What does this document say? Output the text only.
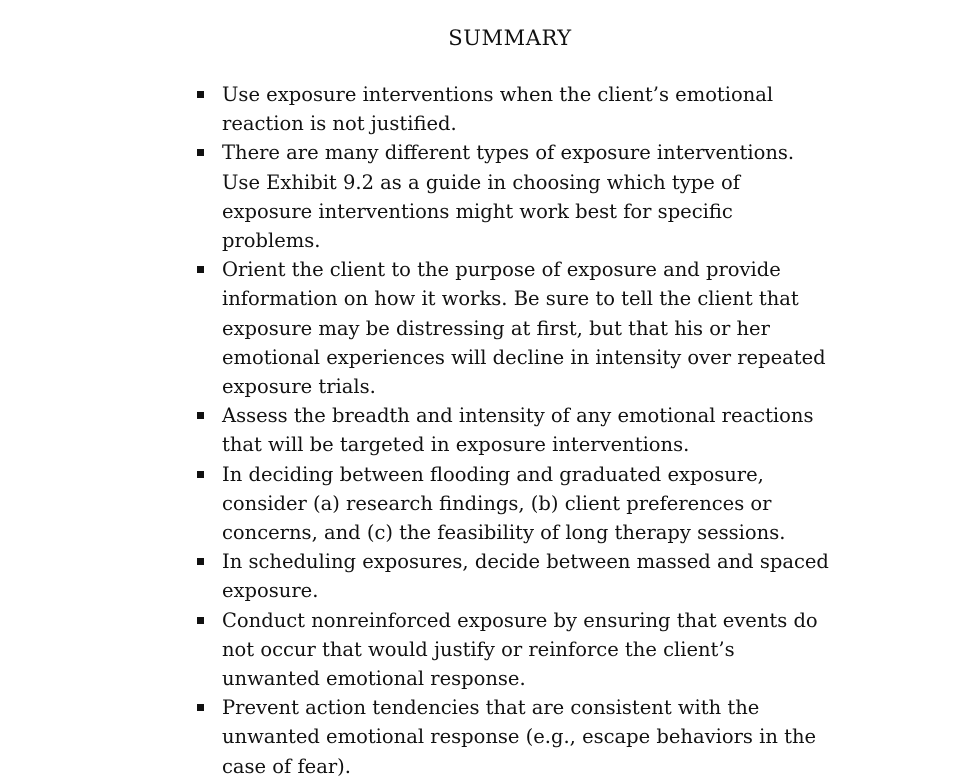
SUMMARY
Use exposure interventions when the client’s emotional reaction is not justified.
There are many different types of exposure interventions. Use Exhibit 9.2 as a guide in choosing which type of exposure interventions might work best for specific problems.
Orient the client to the purpose of exposure and provide information on how it works. Be sure to tell the client that exposure may be distressing at first, but that his or her emotional experiences will decline in intensity over repeated exposure trials.
Assess the breadth and intensity of any emotional reactions that will be targeted in exposure interventions.
In deciding between flooding and graduated exposure, consider (a) research findings, (b) client preferences or concerns, and (c) the feasibility of long therapy sessions.
In scheduling exposures, decide between massed and spaced exposure.
Conduct nonreinforced exposure by ensuring that events do not occur that would justify or reinforce the client’s unwanted emotional response.
Prevent action tendencies that are consistent with the unwanted emotional response (e.g., escape behaviors in the case of fear).
